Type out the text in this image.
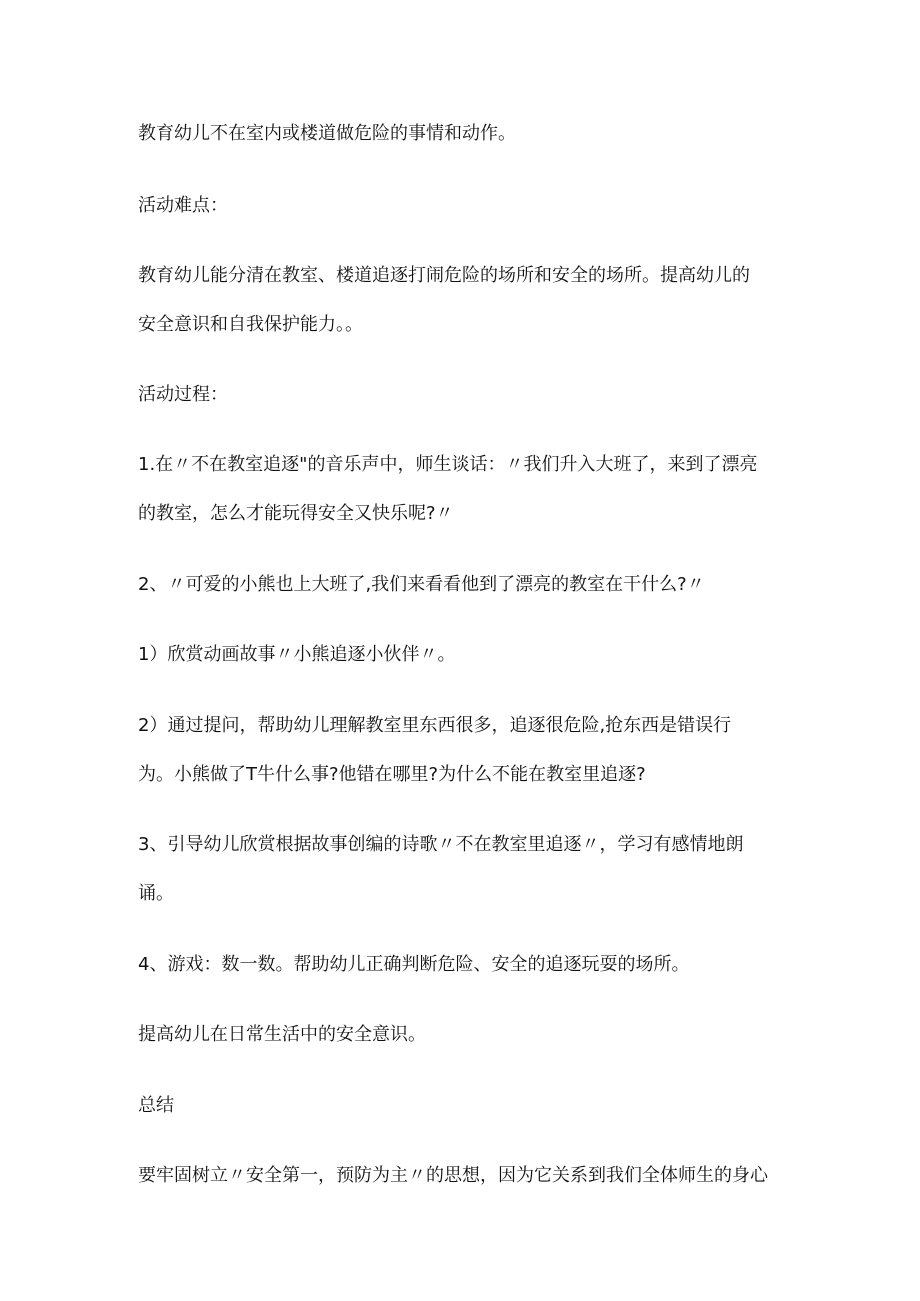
教育幼儿不在室内或楼道做危险的事情和动作。

活动难点：

教育幼儿能分清在教室、楼道追逐打闹危险的场所和安全的场所。提高幼儿的

安全意识和自我保护能力。。

活动过程：

1.在〃不在教室追逐"的音乐声中，师生谈话：〃我们升入大班了，来到了漂亮

的教室，怎么才能玩得安全又快乐呢?〃

2、〃可爱的小熊也上大班了,我们来看看他到了漂亮的教室在干什么?〃

1）欣赏动画故事〃小熊追逐小伙伴〃。

2）通过提问，帮助幼儿理解教室里东西很多，追逐很危险,抢东西是错误行

为。小熊做了T牛什么事?他错在哪里?为什么不能在教室里追逐?

3、引导幼儿欣赏根据故事创编的诗歌〃不在教室里追逐〃，学习有感情地朗

诵。

4、游戏：数一数。帮助幼儿正确判断危险、安全的追逐玩耍的场所。

提高幼儿在日常生活中的安全意识。

总结

要牢固树立〃安全第一，预防为主〃的思想，因为它关系到我们全体师生的身心
